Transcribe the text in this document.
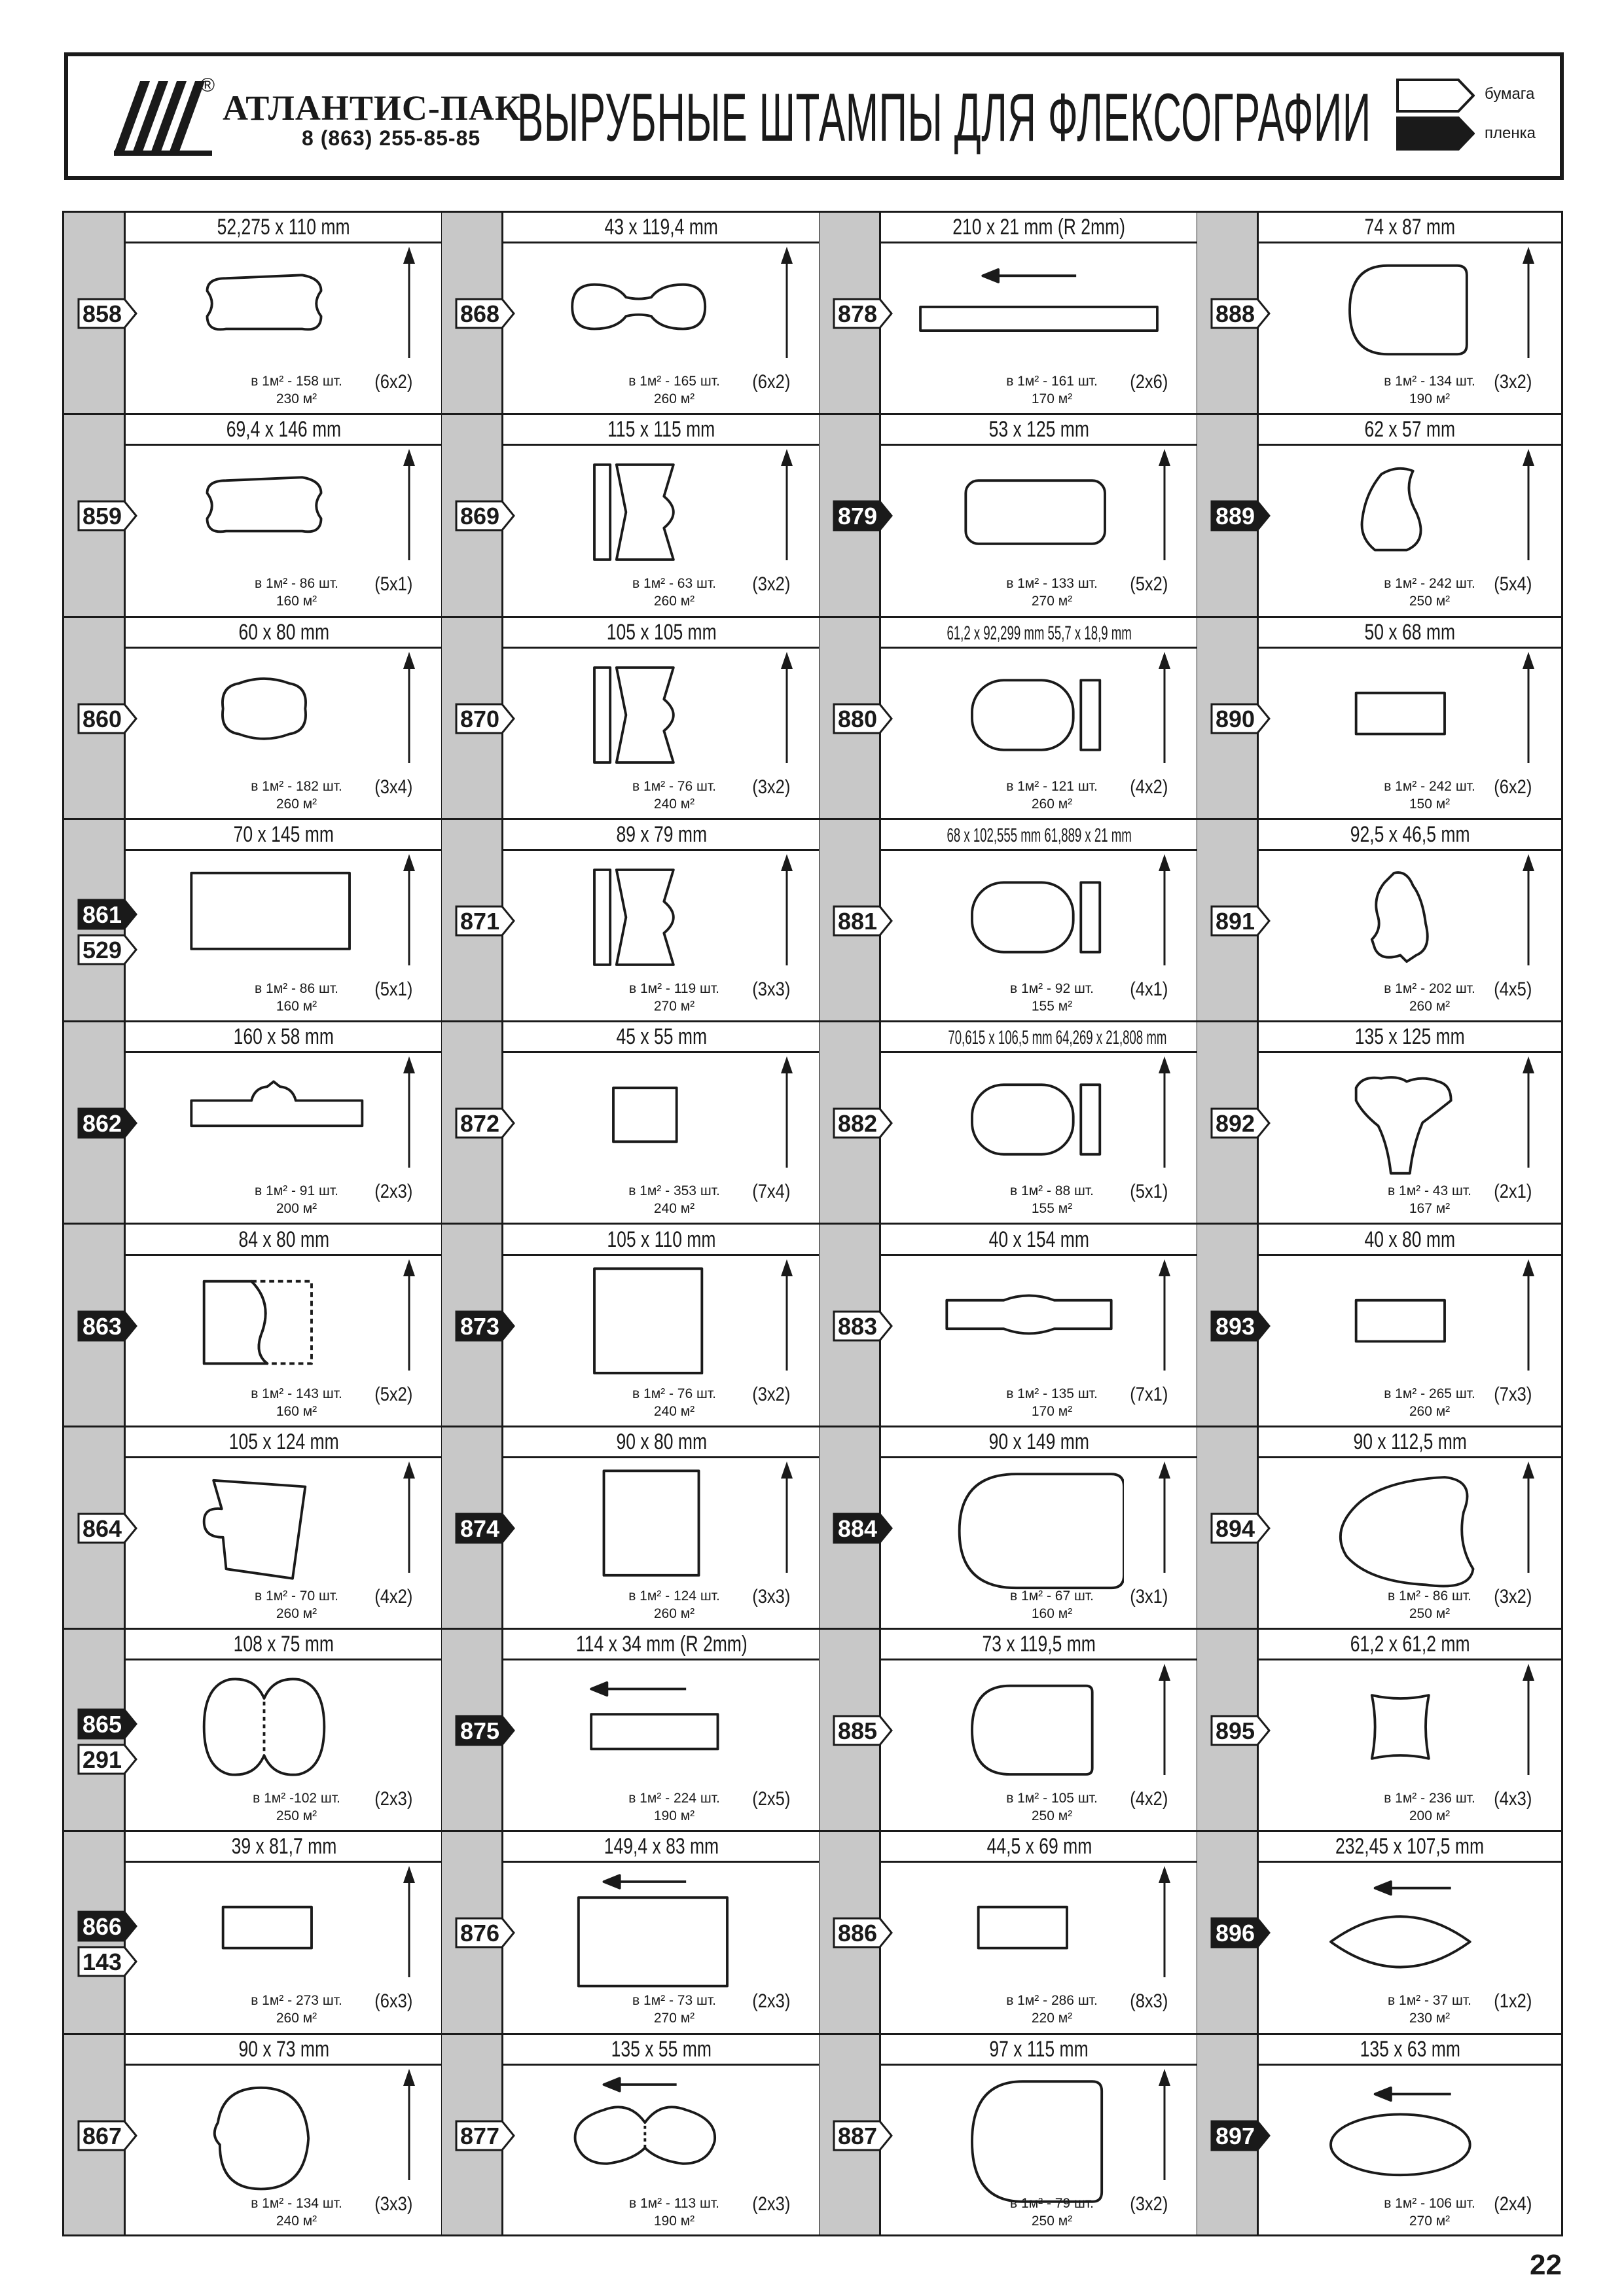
®
АТЛАНТИС-ПАК
8 (863) 255-85-85 ВЫРУБНЫЕ ШТАМПЫ ДЛЯ ФЛЕКСОГРАФИИ	бумага
пленка
52,275 x 110 mm
858
в 1м² - 158 шт.
230 м²
(6x2)
69,4 x 146 mm
859
в 1м² - 86 шт.
160 м²
(5x1)
60 x 80 mm
860
в 1м² - 182 шт.
260 м²
(3x4)
70 x 145 mm
861
529
в 1м² - 86 шт.
160 м²
(5x1)
160 x 58 mm
862
в 1м² - 91 шт.
200 м²
(2x3)
84 x 80 mm
863
в 1м² - 143 шт.
160 м²
(5x2)
105 x 124 mm
864
в 1м² - 70 шт.
260 м²
(4x2)
108 x 75 mm
865
291
в 1м² -102 шт.
250 м²
(2x3)
39 x 81,7 mm
866
143
в 1м² - 273 шт.
260 м²
(6x3)
90 x 73 mm
867
в 1м² - 134 шт.
240 м²
(3x3)
43 x 119,4 mm
868
в 1м² - 165 шт.
260 м²
(6x2)
115 x 115 mm
869
в 1м² - 63 шт.
260 м²
(3x2)
105 x 105 mm
870
в 1м² - 76 шт.
240 м²
(3x2)
89 x 79 mm
871
в 1м² - 119 шт.
270 м²
(3x3)
45 x 55 mm
872
в 1м² - 353 шт.
240 м²
(7x4)
105 x 110 mm
873
в 1м² - 76 шт.
240 м²
(3x2)
90 x 80 mm
874
в 1м² - 124 шт.
260 м²
(3x3)
114 x 34 mm (R 2mm)
875
в 1м² - 224 шт.
190 м²
(2x5)
149,4 x 83 mm
876
в 1м² - 73 шт.
270 м²
(2x3)
135 x 55 mm
877
в 1м² - 113 шт.
190 м²
(2x3)
210 x 21 mm (R 2mm)
878
в 1м² - 161 шт.
170 м²
(2x6)
53 x 125 mm
879
в 1м² - 133 шт.
270 м²
(5x2)
61,2 x 92,299 mm 55,7 x 18,9 mm
880
в 1м² - 121 шт.
260 м²
(4x2)
68 x 102,555 mm 61,889 x 21 mm
881
в 1м² - 92 шт.
155 м²
(4x1)
70,615 x 106,5 mm 64,269 x 21,808 mm
882
в 1м² - 88 шт.
155 м²
(5x1)
40 x 154 mm
883
в 1м² - 135 шт.
170 м²
(7x1)
90 x 149 mm
884
в 1м² - 67 шт.
160 м²
(3x1)
73 x 119,5 mm
885
в 1м² - 105 шт.
250 м²
(4x2)
44,5 x 69 mm
886
в 1м² - 286 шт.
220 м²
(8x3)
97 x 115 mm
887
в 1м² - 79 шт.
250 м²
(3x2)
74 x 87 mm
888
в 1м² - 134 шт.
190 м²
(3x2)
62 x 57 mm
889
в 1м² - 242 шт.
250 м²
(5x4)
50 x 68 mm
890
в 1м² - 242 шт.
150 м²
(6x2)
92,5 x 46,5 mm
891
в 1м² - 202 шт.
260 м²
(4x5)
135 x 125 mm
892
в 1м² - 43 шт.
167 м²
(2x1)
40 x 80 mm
893
в 1м² - 265 шт.
260 м²
(7x3)
90 x 112,5 mm
894
в 1м² - 86 шт.
250 м²
(3x2)
61,2 x 61,2 mm
895
в 1м² - 236 шт.
200 м²
(4x3)
232,45 x 107,5 mm
896
в 1м² - 37 шт.
230 м²
(1x2)
135 x 63 mm
897
в 1м² - 106 шт.
270 м²
(2x4)
22
